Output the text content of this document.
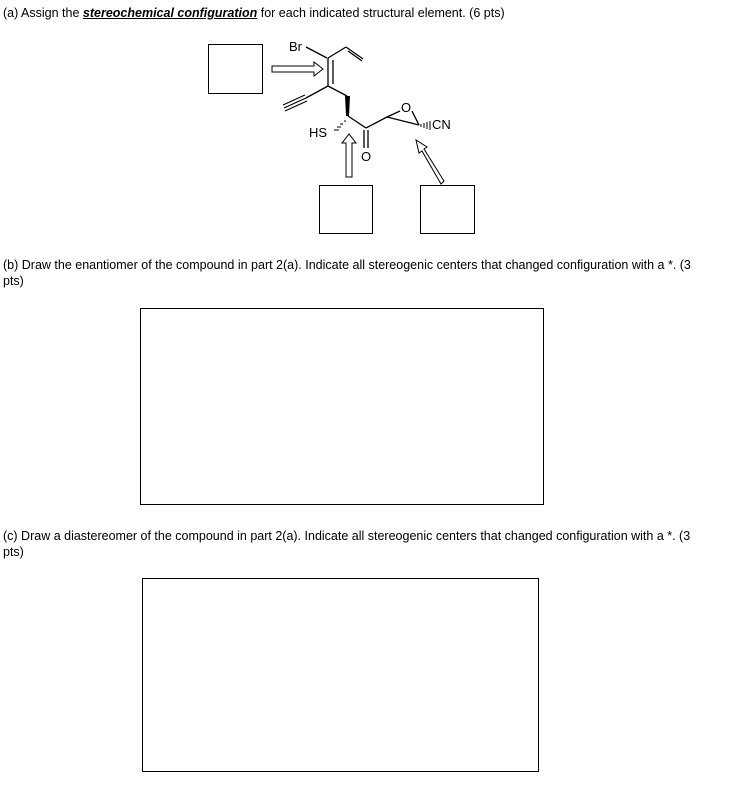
(a) Assign the stereochemical configuration for each indicated structural element. (6 pts)
Br
HS
O
O
CN
(b) Draw the enantiomer of the compound in part 2(a). Indicate all stereogenic centers that changed configuration with a *. (3 pts)
(c) Draw a diastereomer of the compound in part 2(a). Indicate all stereogenic centers that changed configuration with a *. (3 pts)
